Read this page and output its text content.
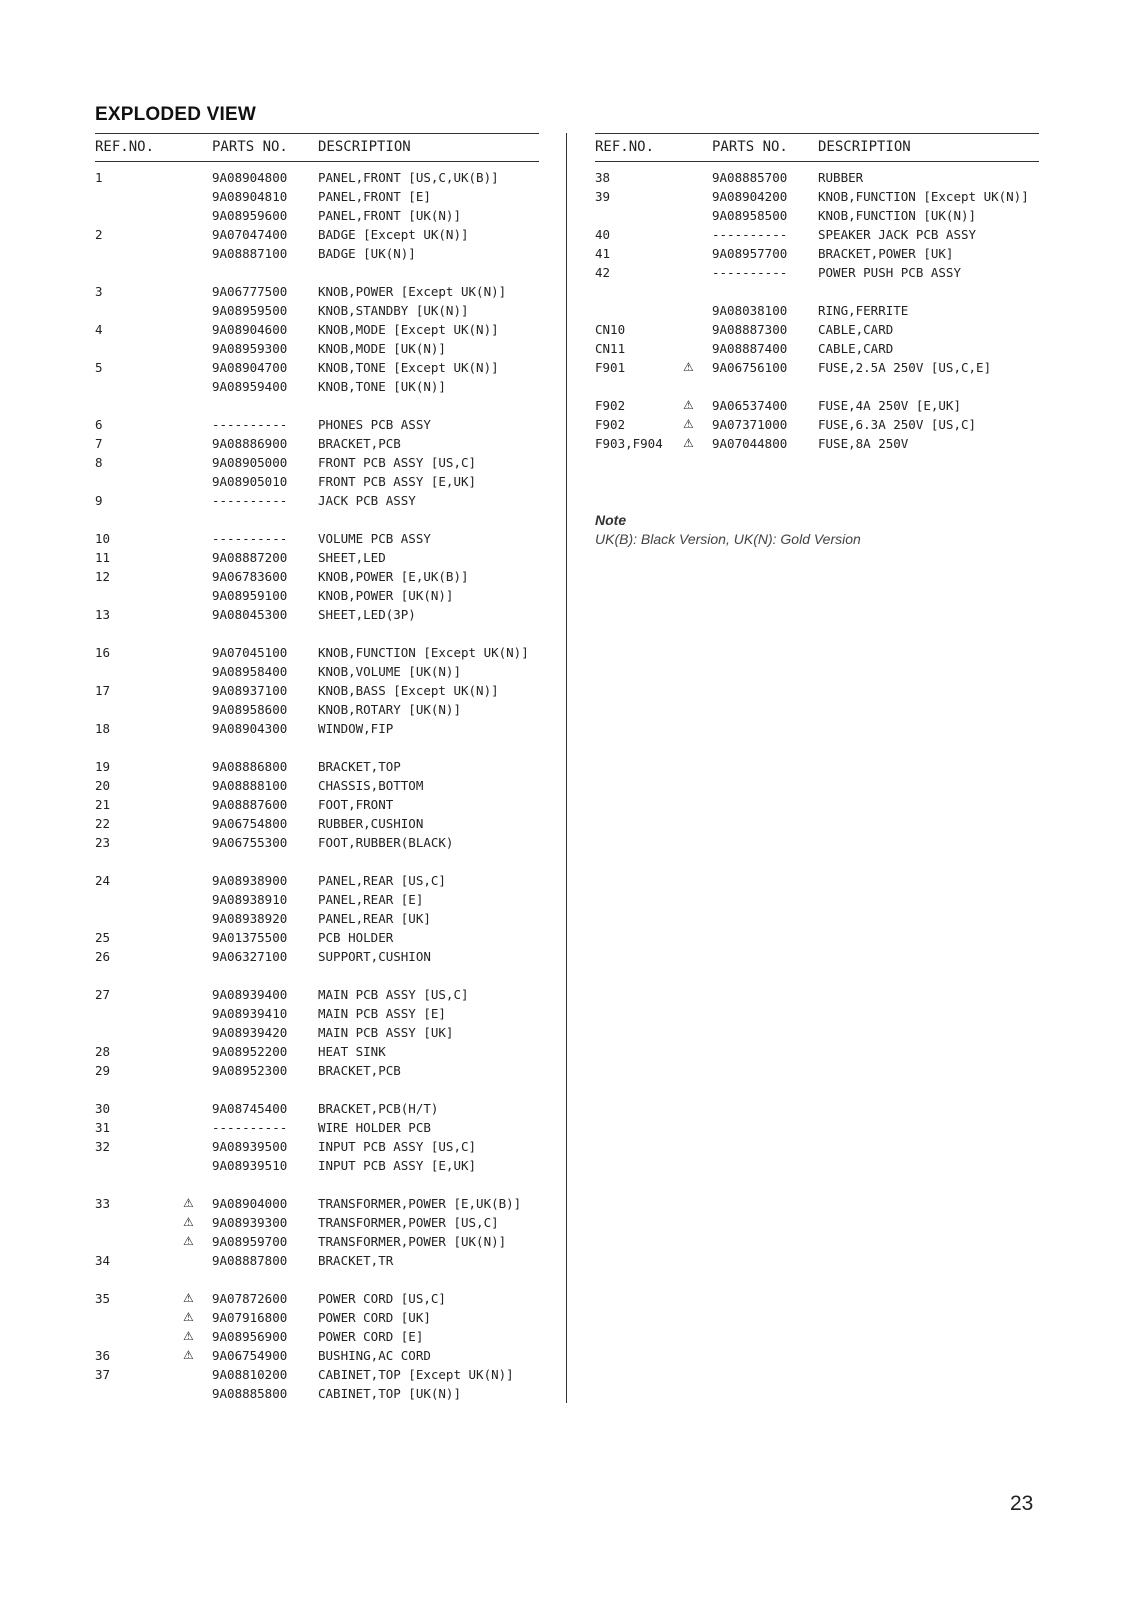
EXPLODED VIEW
REF.NO.	PARTS NO. DESCRIPTION
1	9A08904800 PANEL,FRONT [US,C,UK(B)]
9A08904810 PANEL,FRONT [E]
9A08959600 PANEL,FRONT [UK(N)]
2	9A07047400 BADGE [Except UK(N)]
9A08887100 BADGE [UK(N)]
3	9A06777500 KNOB,POWER [Except UK(N)]
9A08959500 KNOB,STANDBY [UK(N)]
4	9A08904600 KNOB,MODE [Except UK(N)]
9A08959300 KNOB,MODE [UK(N)]
5	9A08904700 KNOB,TONE [Except UK(N)]
9A08959400 KNOB,TONE [UK(N)]
6	---------- PHONES PCB ASSY
7	9A08886900 BRACKET,PCB
8	9A08905000 FRONT PCB ASSY [US,C]
9A08905010 FRONT PCB ASSY [E,UK]
9	---------- JACK PCB ASSY
10	---------- VOLUME PCB ASSY
11	9A08887200 SHEET,LED
12	9A06783600 KNOB,POWER [E,UK(B)]
9A08959100 KNOB,POWER [UK(N)]
13	9A08045300 SHEET,LED(3P)
16	9A07045100 KNOB,FUNCTION [Except UK(N)]
9A08958400 KNOB,VOLUME [UK(N)]
17	9A08937100 KNOB,BASS [Except UK(N)]
9A08958600 KNOB,ROTARY [UK(N)]
18	9A08904300 WINDOW,FIP
19	9A08886800 BRACKET,TOP
20	9A08888100 CHASSIS,BOTTOM
21	9A08887600 FOOT,FRONT
22	9A06754800 RUBBER,CUSHION
23	9A06755300 FOOT,RUBBER(BLACK)
24	9A08938900 PANEL,REAR [US,C]
9A08938910 PANEL,REAR [E]
9A08938920 PANEL,REAR [UK]
25	9A01375500 PCB HOLDER
26	9A06327100 SUPPORT,CUSHION
27	9A08939400 MAIN PCB ASSY [US,C]
9A08939410 MAIN PCB ASSY [E]
9A08939420 MAIN PCB ASSY [UK]
28	9A08952200 HEAT SINK
29	9A08952300 BRACKET,PCB
30	9A08745400 BRACKET,PCB(H/T)
31	---------- WIRE HOLDER PCB
32	9A08939500 INPUT PCB ASSY [US,C]
9A08939510 INPUT PCB ASSY [E,UK]
33	⚠ 9A08904000 TRANSFORMER,POWER [E,UK(B)]
⚠ 9A08939300 TRANSFORMER,POWER [US,C]
⚠ 9A08959700 TRANSFORMER,POWER [UK(N)]
34	9A08887800 BRACKET,TR
35	⚠ 9A07872600 POWER CORD [US,C]
⚠ 9A07916800 POWER CORD [UK]
⚠ 9A08956900 POWER CORD [E]
36	⚠ 9A06754900 BUSHING,AC CORD
37	9A08810200 CABINET,TOP [Except UK(N)]
9A08885800 CABINET,TOP [UK(N)]
REF.NO.	PARTS NO. DESCRIPTION
38	9A08885700 RUBBER
39	9A08904200 KNOB,FUNCTION [Except UK(N)]
9A08958500 KNOB,FUNCTION [UK(N)]
40	---------- SPEAKER JACK PCB ASSY
41	9A08957700 BRACKET,POWER [UK]
42	---------- POWER PUSH PCB ASSY
9A08038100 RING,FERRITE
CN10	9A08887300 CABLE,CARD
CN11	9A08887400 CABLE,CARD
F901	⚠ 9A06756100 FUSE,2.5A 250V [US,C,E]
F902	⚠ 9A06537400 FUSE,4A 250V [E,UK]
F902	⚠ 9A07371000 FUSE,6.3A 250V [US,C]
F903,F904 ⚠ 9A07044800 FUSE,8A 250V
Note
UK(B): Black Version, UK(N): Gold Version
23
